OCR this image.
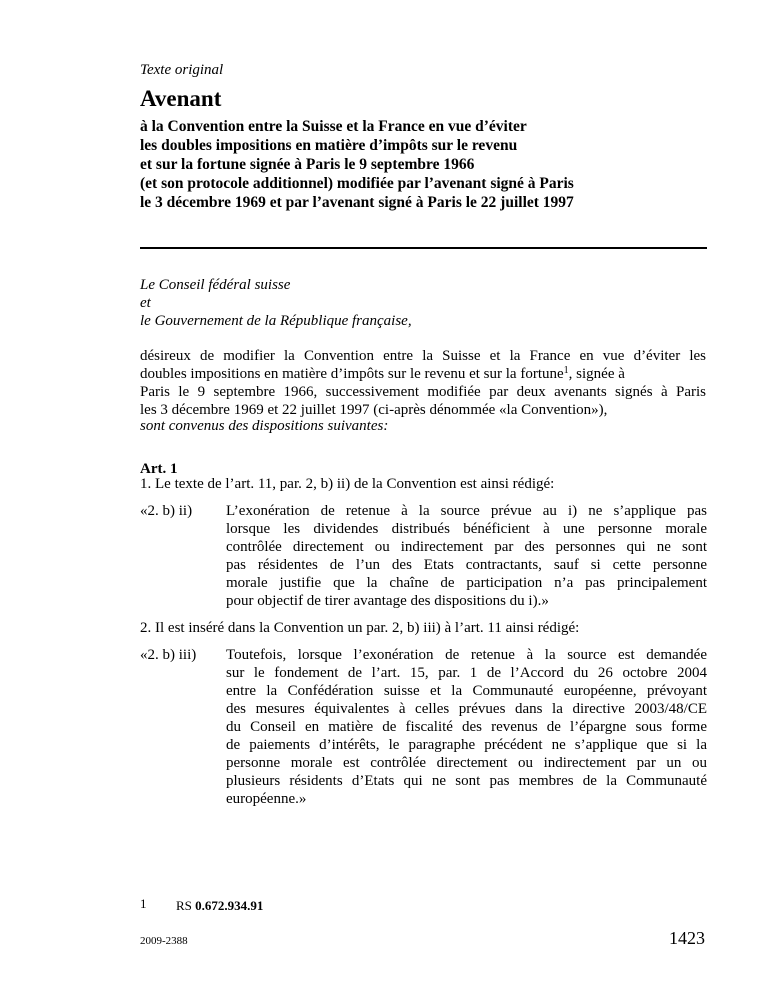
Texte original
Avenant
à la Convention entre la Suisse et la France en vue d’éviter
les doubles impositions en matière d’impôts sur le revenu
et sur la fortune signée à Paris le 9 septembre 1966
(et son protocole additionnel) modifiée par l’avenant signé à Paris
le 3 décembre 1969 et par l’avenant signé à Paris le 22 juillet 1997
Le Conseil fédéral suisse
et
le Gouvernement de la République française,
désireux de modifier la Convention entre la Suisse et la France en vue d’éviter les
doubles impositions en matière d’impôts sur le revenu et sur la fortune$^1$, signée à
Paris le 9 septembre 1966, successivement modifiée par deux avenants signés à Paris
les 3 décembre 1969 et 22 juillet 1997 (ci-après dénommée «la Convention»),
sont convenus des dispositions suivantes:
Art. 1
1. Le texte de l’art. 11, par. 2, b) ii) de la Convention est ainsi rédigé:
«2. b) ii) L’exonération de retenue à la source prévue au i) ne s’applique pas
lorsque les dividendes distribués bénéficient à une personne morale
contrôlée directement ou indirectement par des personnes qui ne sont
pas résidentes de l’un des Etats contractants, sauf si cette personne
morale justifie que la chaîne de participation n’a pas principalement
pour objectif de tirer avantage des dispositions du i).»
2. Il est inséré dans la Convention un par. 2, b) iii) à l’art. 11 ainsi rédigé:
«2. b) iii) Toutefois, lorsque l’exonération de retenue à la source est demandée
sur le fondement de l’art. 15, par. 1 de l’Accord du 26 octobre 2004
entre la Confédération suisse et la Communauté européenne, prévoyant
des mesures équivalentes à celles prévues dans la directive 2003/48/CE
du Conseil en matière de fiscalité des revenus de l’épargne sous forme
de paiements d’intérêts, le paragraphe précédent ne s’applique que si la
personne morale est contrôlée directement ou indirectement par un ou
plusieurs résidents d’Etats qui ne sont pas membres de la Communauté
européenne.»
1 RS 0.672.934.91
2009-2388	1423
